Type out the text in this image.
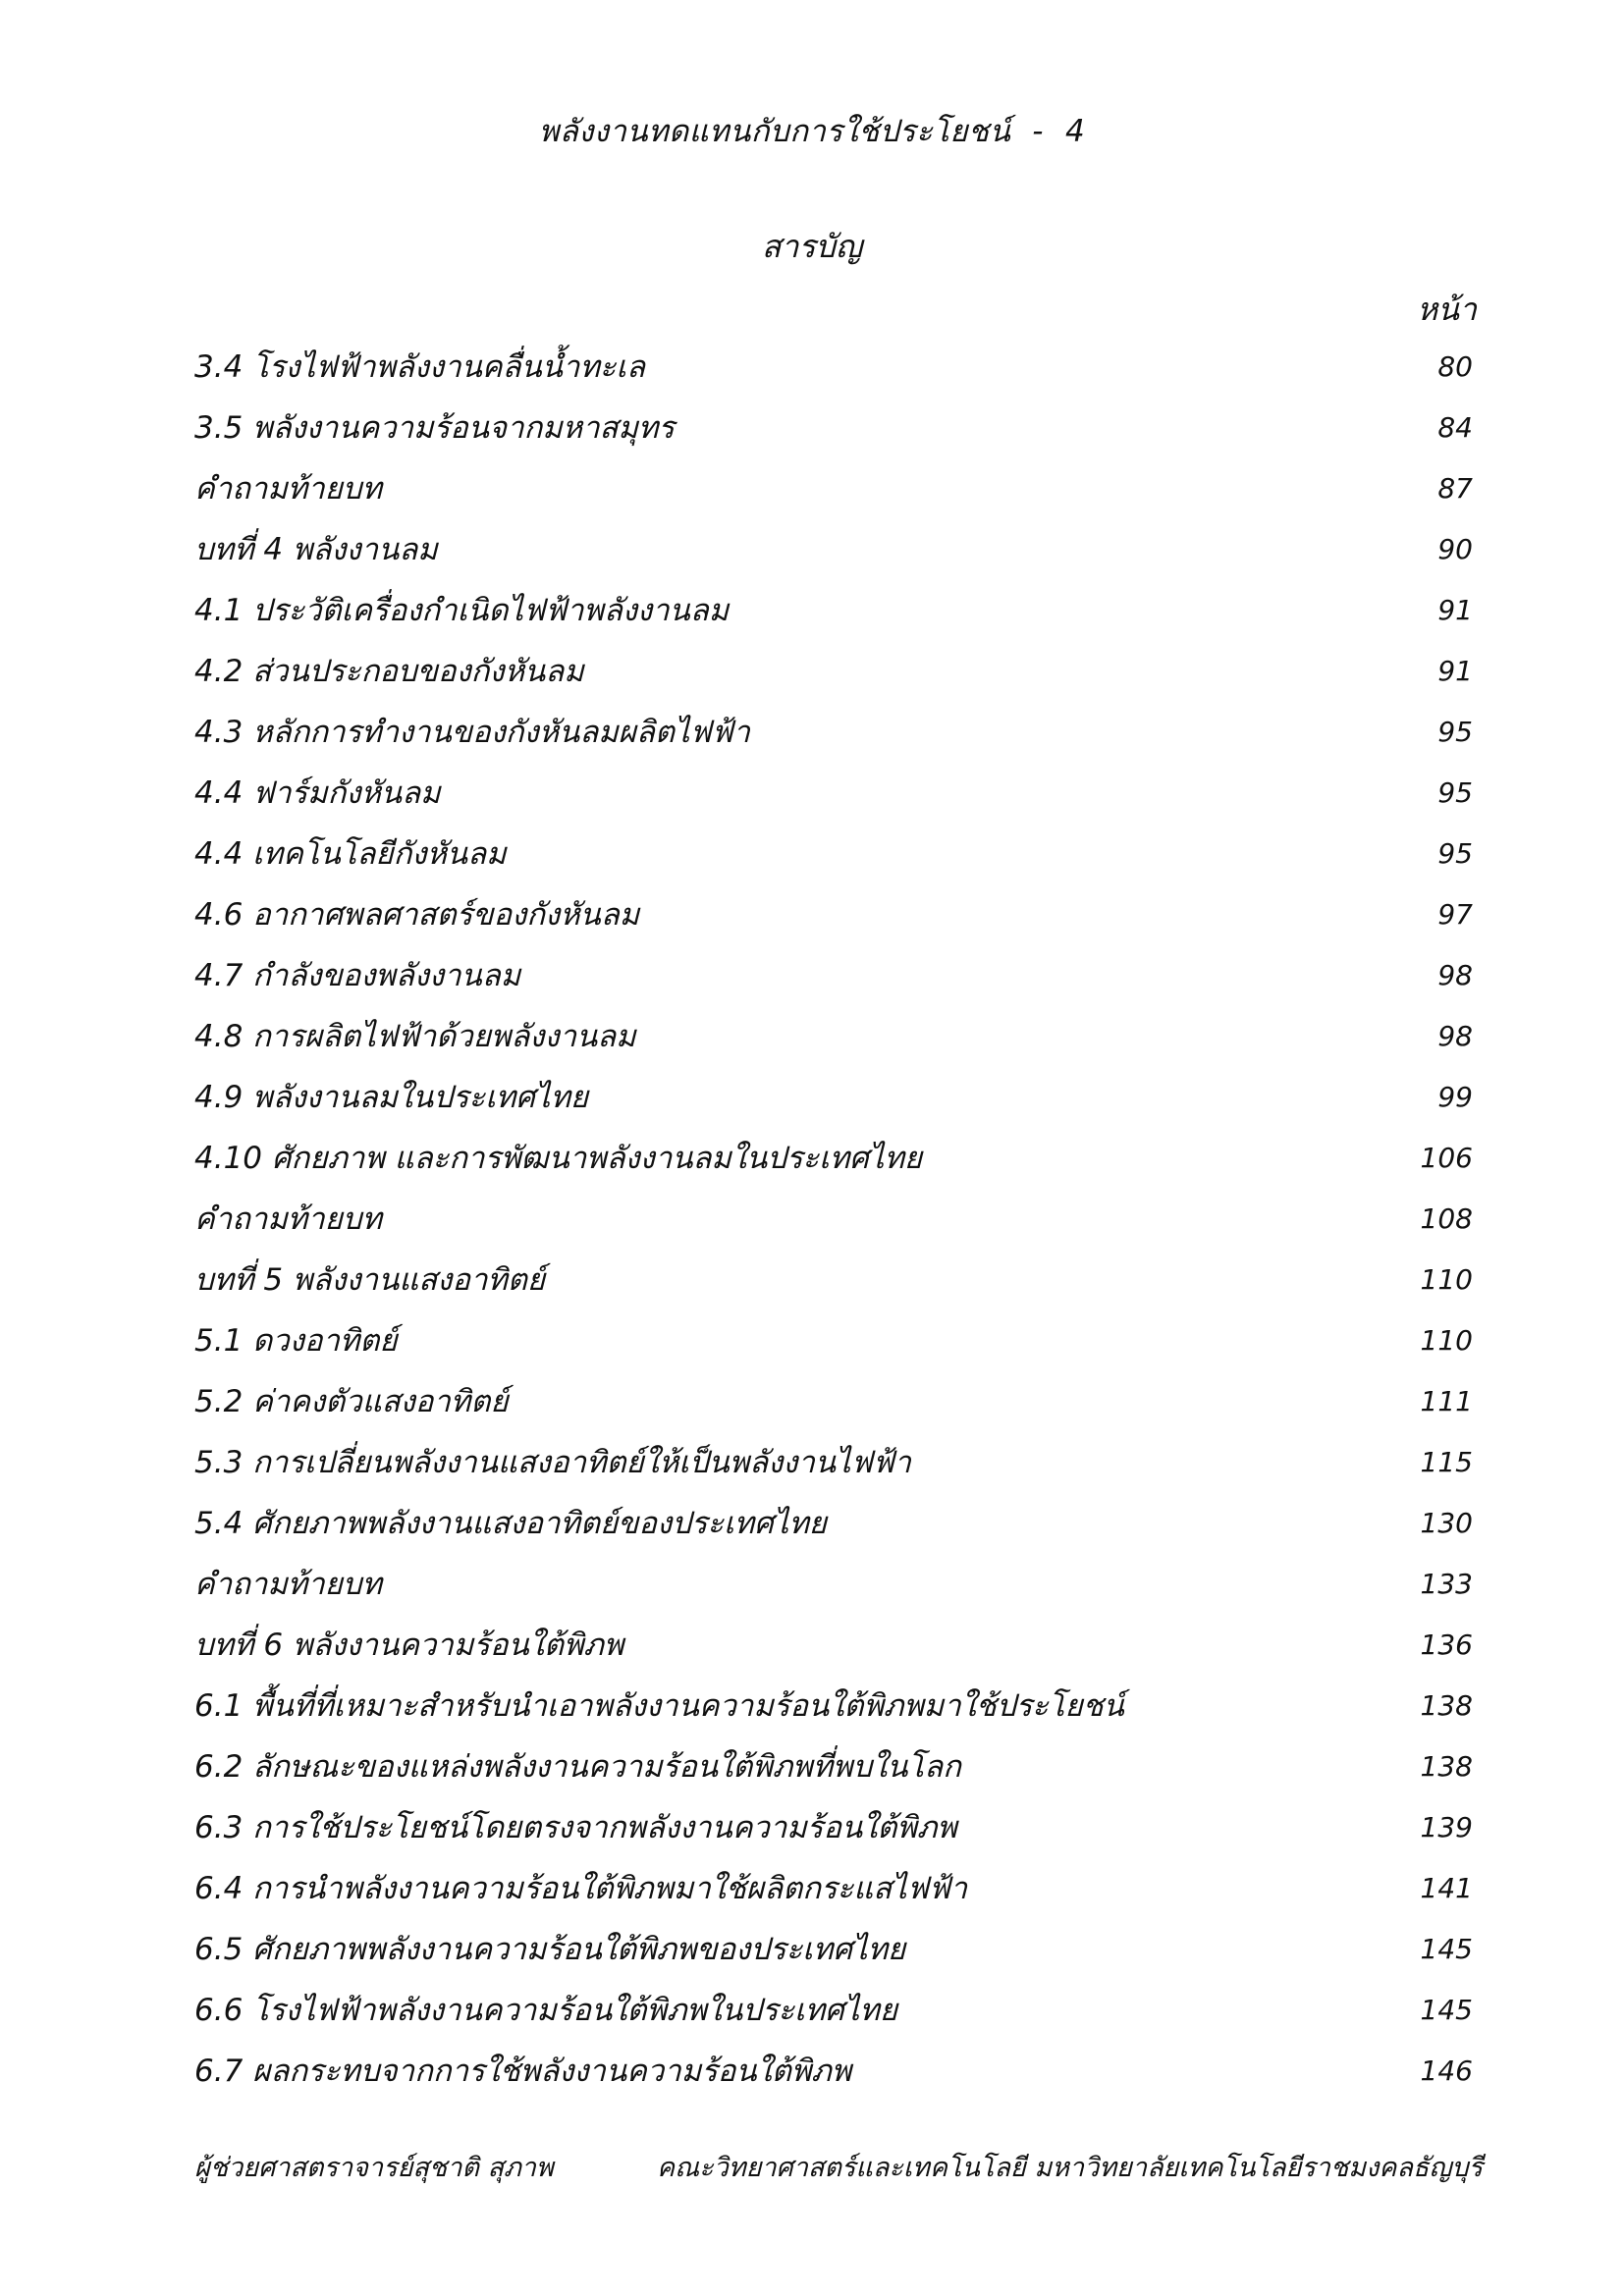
พลังงานทดแทนกับการใช้ประโยชน์ - 4
สารบัญ
หน้า
3.4 โรงไฟฟ้าพลังงานคลื่นน้ำทะเล	80
3.5 พลังงานความร้อนจากมหาสมุทร	84
คำถามท้ายบท	87
บทที่ 4 พลังงานลม	90
4.1 ประวัติเครื่องกำเนิดไฟฟ้าพลังงานลม	91
4.2 ส่วนประกอบของกังหันลม	91
4.3 หลักการทำงานของกังหันลมผลิตไฟฟ้า	95
4.4 ฟาร์มกังหันลม	95
4.4 เทคโนโลยีกังหันลม	95
4.6 อากาศพลศาสตร์ของกังหันลม	97
4.7 กำลังของพลังงานลม	98
4.8 การผลิตไฟฟ้าด้วยพลังงานลม	98
4.9 พลังงานลมในประเทศไทย	99
4.10 ศักยภาพ และการพัฒนาพลังงานลมในประเทศไทย	106
คำถามท้ายบท	108
บทที่ 5 พลังงานแสงอาทิตย์	110
5.1 ดวงอาทิตย์	110
5.2 ค่าคงตัวแสงอาทิตย์	111
5.3 การเปลี่ยนพลังงานแสงอาทิตย์ให้เป็นพลังงานไฟฟ้า	115
5.4 ศักยภาพพลังงานแสงอาทิตย์ของประเทศไทย	130
คำถามท้ายบท	133
บทที่ 6 พลังงานความร้อนใต้พิภพ	136
6.1 พื้นที่ที่เหมาะสำหรับนำเอาพลังงานความร้อนใต้พิภพมาใช้ประโยชน์	138
6.2 ลักษณะของแหล่งพลังงานความร้อนใต้พิภพที่พบในโลก	138
6.3 การใช้ประโยชน์โดยตรงจากพลังงานความร้อนใต้พิภพ	139
6.4 การนำพลังงานความร้อนใต้พิภพมาใช้ผลิตกระแสไฟฟ้า	141
6.5 ศักยภาพพลังงานความร้อนใต้พิภพของประเทศไทย	145
6.6 โรงไฟฟ้าพลังงานความร้อนใต้พิภพในประเทศไทย	145
6.7 ผลกระทบจากการใช้พลังงานความร้อนใต้พิภพ	146
ผู้ช่วยศาสตราจารย์สุชาติ สุภาพ	คณะวิทยาศาสตร์และเทคโนโลยี มหาวิทยาลัยเทคโนโลยีราชมงคลธัญบุรี
